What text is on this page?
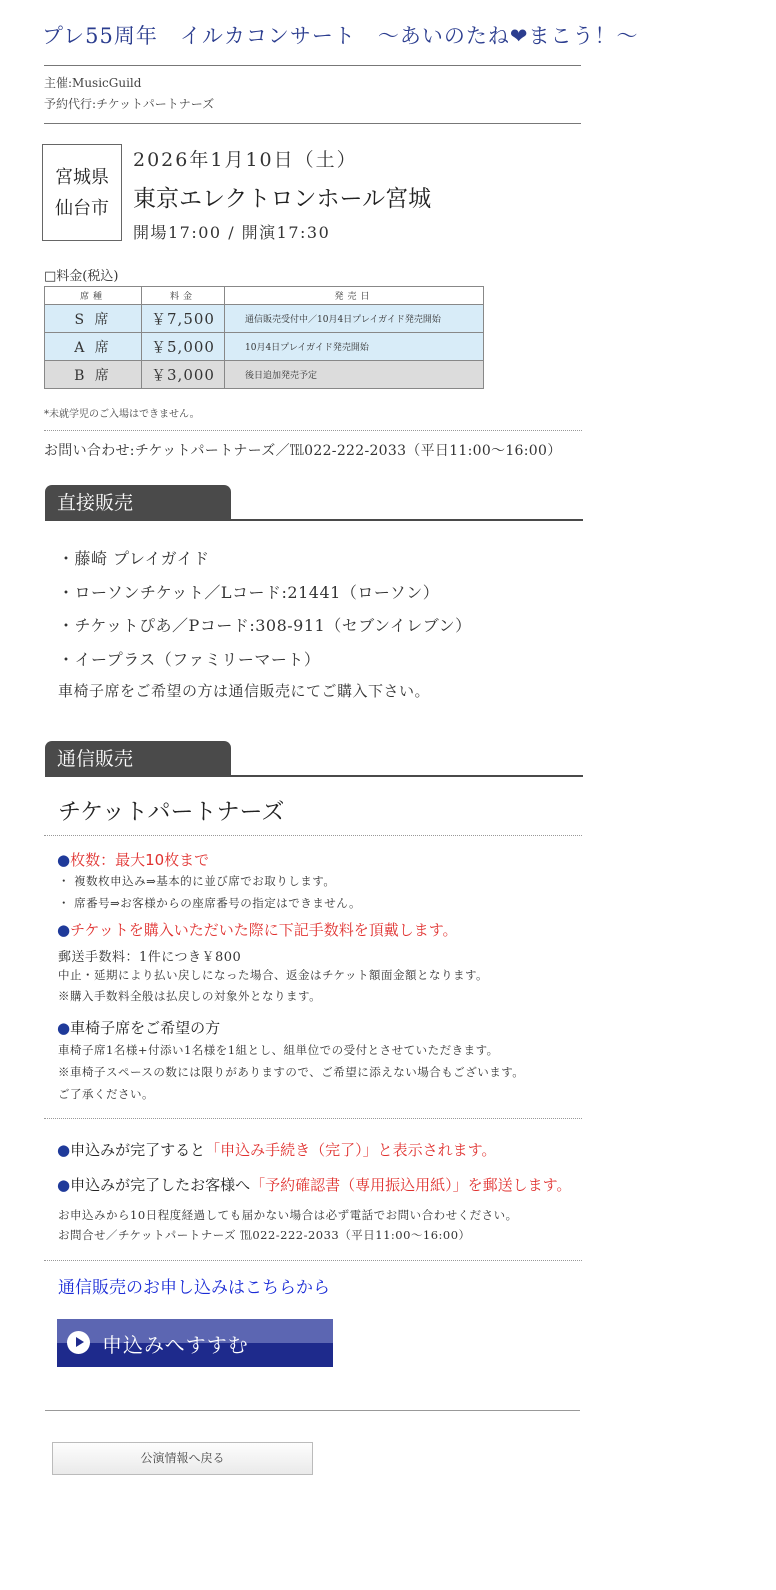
プレ55周年　イルカコンサート　～あいのたね❤まこう！～
主催:MusicGuild
予約代行:チケットパートナーズ
宮城県
仙台市
2026年1月10日（土）
東京エレクトロンホール宮城
開場17:00 / 開演17:30
□料金(税込)
席種	料金	発売日
S 席	￥7,500	通信販売受付中／10月4日プレイガイド発売開始
A 席	￥5,000	10月4日プレイガイド発売開始
B 席	￥3,000	後日追加発売予定
*未就学児のご入場はできません。
お問い合わせ:チケットパートナーズ／℡022-222-2033（平日11:00～16:00）
直接販売
・藤崎 プレイガイド
・ローソンチケット／Lコード:21441（ローソン）
・チケットぴあ／Pコード:308-911（セブンイレブン）
・イープラス（ファミリーマート）
車椅子席をご希望の方は通信販売にてご購入下さい。
通信販売
チケットパートナーズ
●枚数：最大10枚まで
・ 複数枚申込み⇒基本的に並び席でお取りします。
・ 席番号⇒お客様からの座席番号の指定はできません。
●チケットを購入いただいた際に下記手数料を頂戴します。
郵送手数料：1件につき￥800
中止・延期により払い戻しになった場合、返金はチケット額面金額となります。
※購入手数料全般は払戻しの対象外となります。
●車椅子席をご希望の方
車椅子席1名様+付添い1名様を1組とし、組単位での受付とさせていただきます。
※車椅子スペースの数には限りがありますので、ご希望に添えない場合もございます。
ご了承ください。
●申込みが完了すると「申込み手続き（完了）」と表示されます。
●申込みが完了したお客様へ「予約確認書（専用振込用紙）」を郵送します。
お申込みから10日程度経過しても届かない場合は必ず電話でお問い合わせください。
お問合せ／チケットパートナーズ ℡022-222-2033（平日11:00～16:00）
通信販売のお申し込みはこちらから
申込みへすすむ
公演情報へ戻る
